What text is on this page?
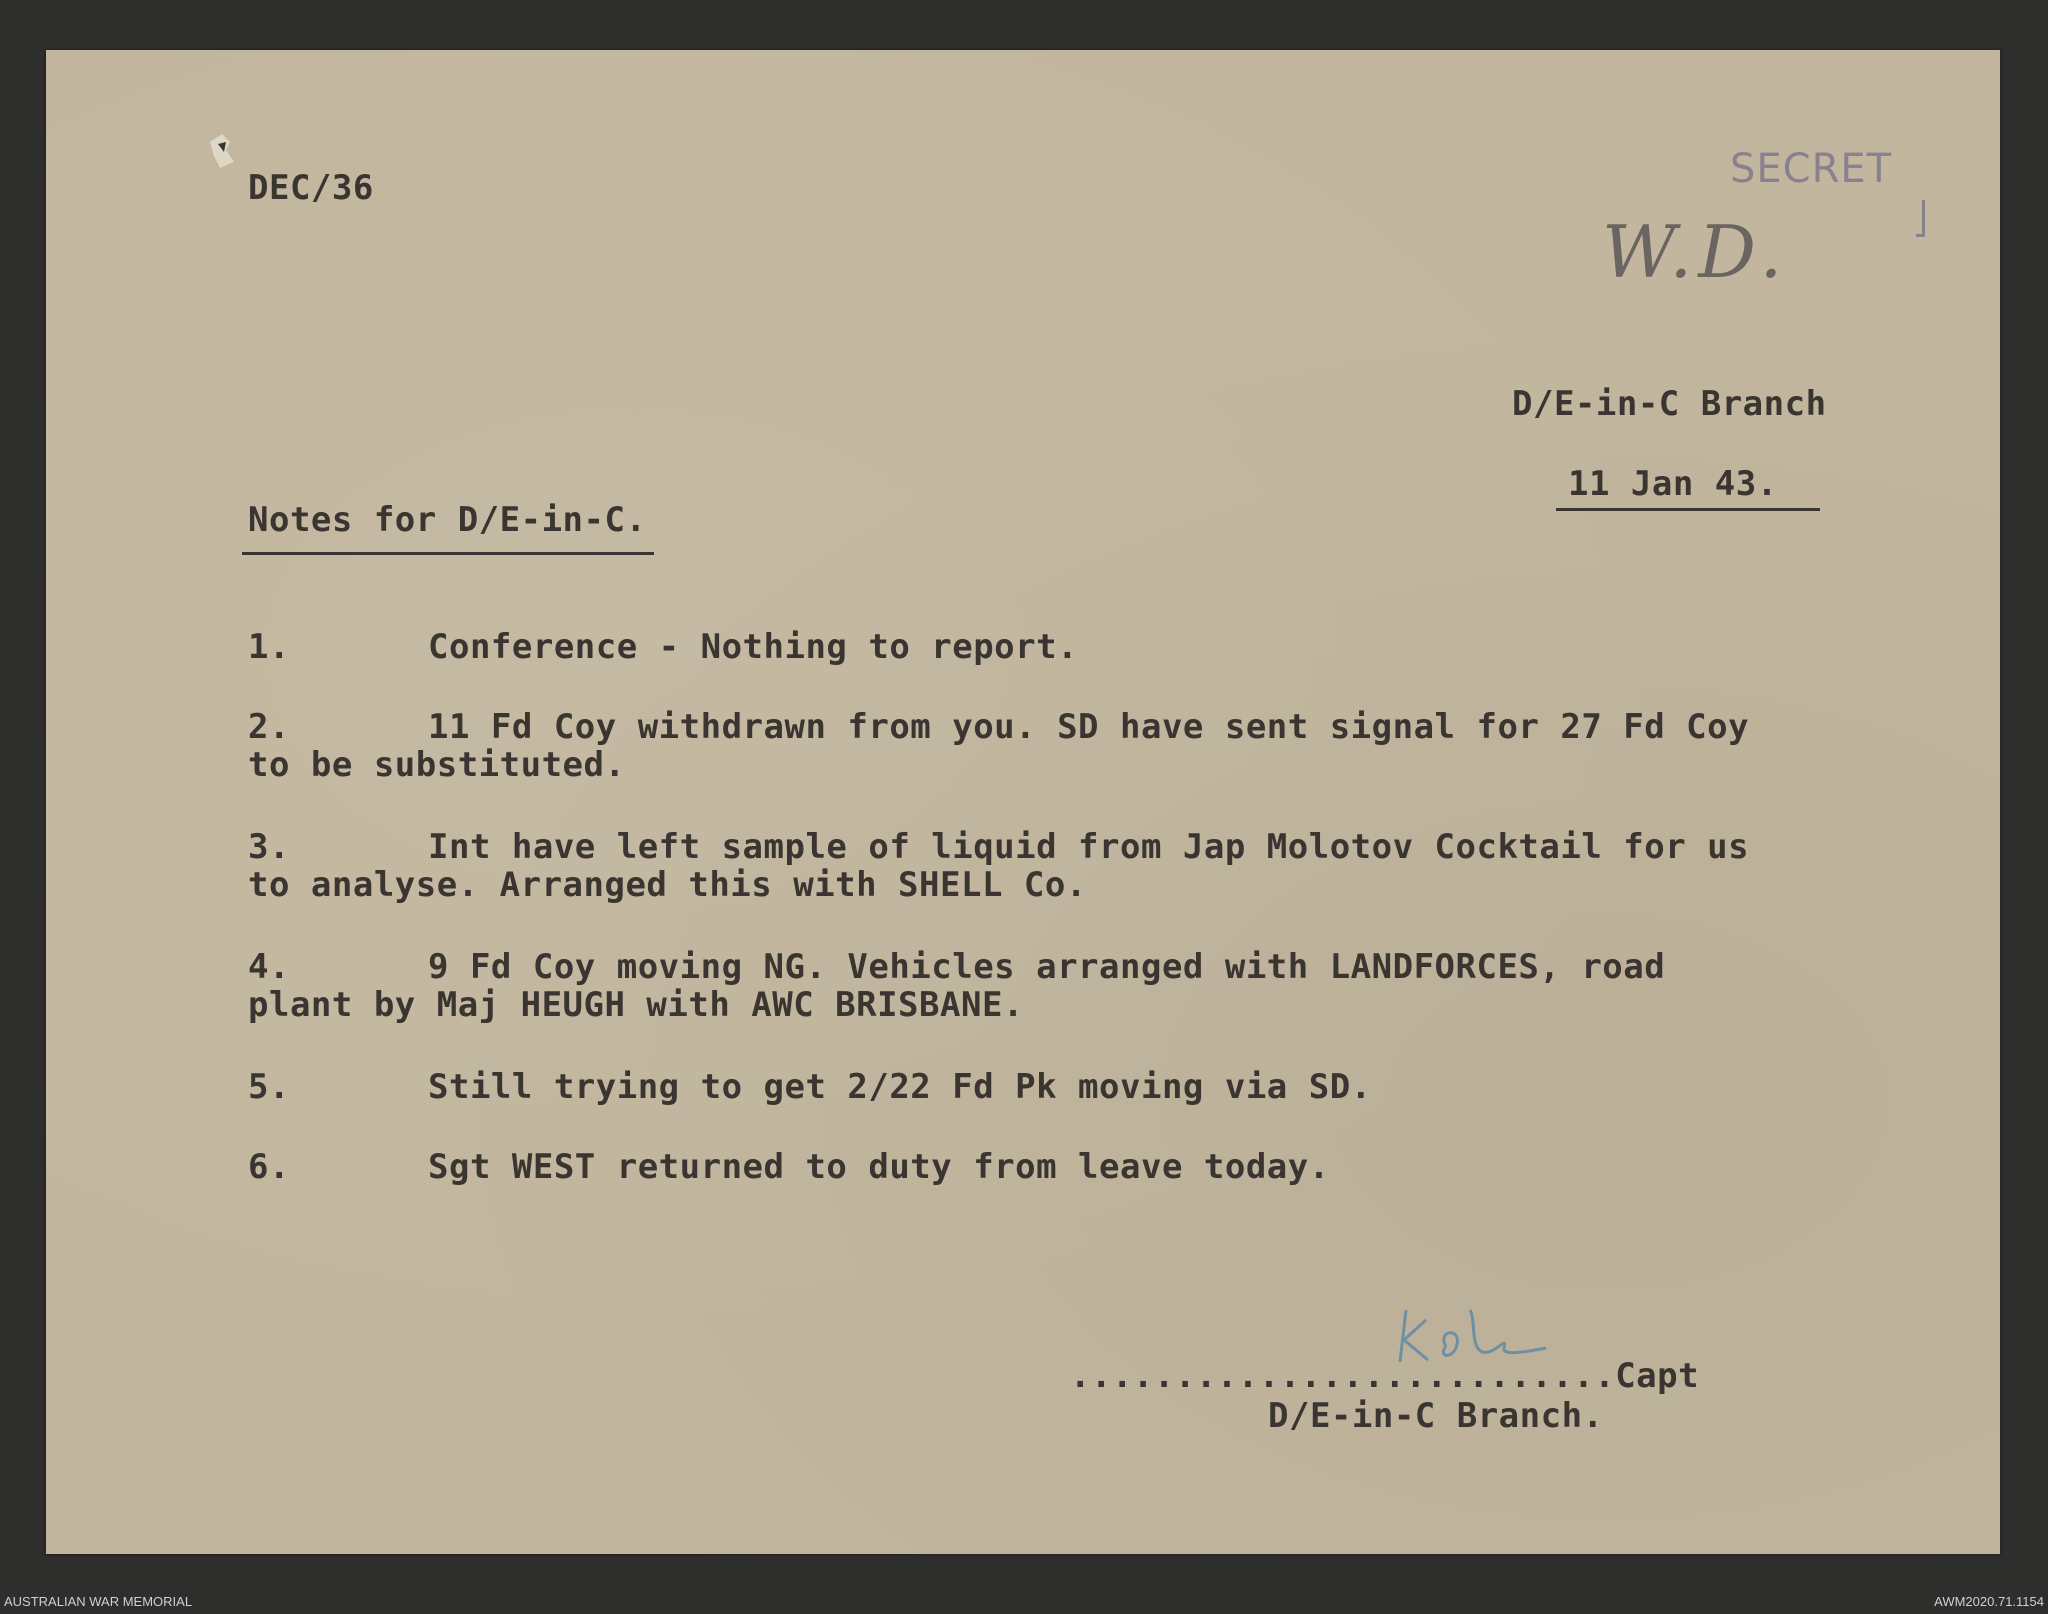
DEC/36
W.D.
SECRET
D/E-in-C Branch
11 Jan 43.
Notes for D/E-in-C.
1.	Conference - Nothing to report.
2.	11 Fd Coy withdrawn from you. SD have sent signal for 27 Fd Coy
to be substituted.
3.	Int have left sample of liquid from Jap Molotov Cocktail for us
to analyse. Arranged this with SHELL Co.
4.	9 Fd Coy moving NG. Vehicles arranged with LANDFORCES, road
plant by Maj HEUGH with AWC BRISBANE.
5.	Still trying to get 2/22 Fd Pk moving via SD.
6.	Sgt WEST returned to duty from leave today.
..........................Capt
D/E-in-C Branch.
AUSTRALIAN WAR MEMORIAL	AWM2020.71.1154
